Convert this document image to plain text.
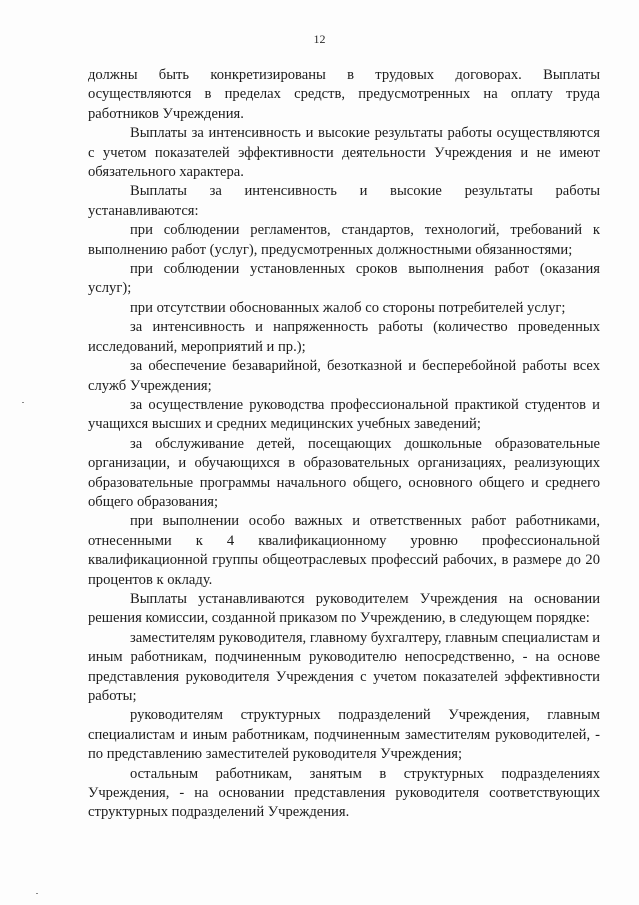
12

должны быть конкретизированы в трудовых договорах. Выплаты осуществляются в пределах средств, предусмотренных на оплату труда работников Учреждения.

Выплаты за интенсивность и высокие результаты работы осуществляются с учетом показателей эффективности деятельности Учреждения и не имеют обязательного характера.

Выплаты за интенсивность и высокие результаты работы устанавливаются:

при соблюдении регламентов, стандартов, технологий, требований к выполнению работ (услуг), предусмотренных должностными обязанностями;

при соблюдении установленных сроков выполнения работ (оказания услуг);

при отсутствии обоснованных жалоб со стороны потребителей услуг;

за интенсивность и напряженность работы (количество проведенных исследований, мероприятий и пр.);

за обеспечение безаварийной, безотказной и бесперебойной работы всех служб Учреждения;

за осуществление руководства профессиональной практикой студентов и учащихся высших и средних медицинских учебных заведений;

за обслуживание детей, посещающих дошкольные образовательные организации, и обучающихся в образовательных организациях, реализующих образовательные программы начального общего, основного общего и среднего общего образования;

при выполнении особо важных и ответственных работ работниками, отнесенными к 4 квалификационному уровню профессиональной квалификационной группы общеотраслевых профессий рабочих, в размере до 20 процентов к окладу.

Выплаты устанавливаются руководителем Учреждения на основании решения комиссии, созданной приказом по Учреждению, в следующем порядке:

заместителям руководителя, главному бухгалтеру, главным специалистам и иным работникам, подчиненным руководителю непосредственно, - на основе представления руководителя Учреждения с учетом показателей эффективности работы;

руководителям структурных подразделений Учреждения, главным специалистам и иным работникам, подчиненным заместителям руководителей, - по представлению заместителей руководителя Учреждения;

остальным работникам, занятым в структурных подразделениях Учреждения, - на основании представления руководителя соответствующих структурных подразделений Учреждения.
